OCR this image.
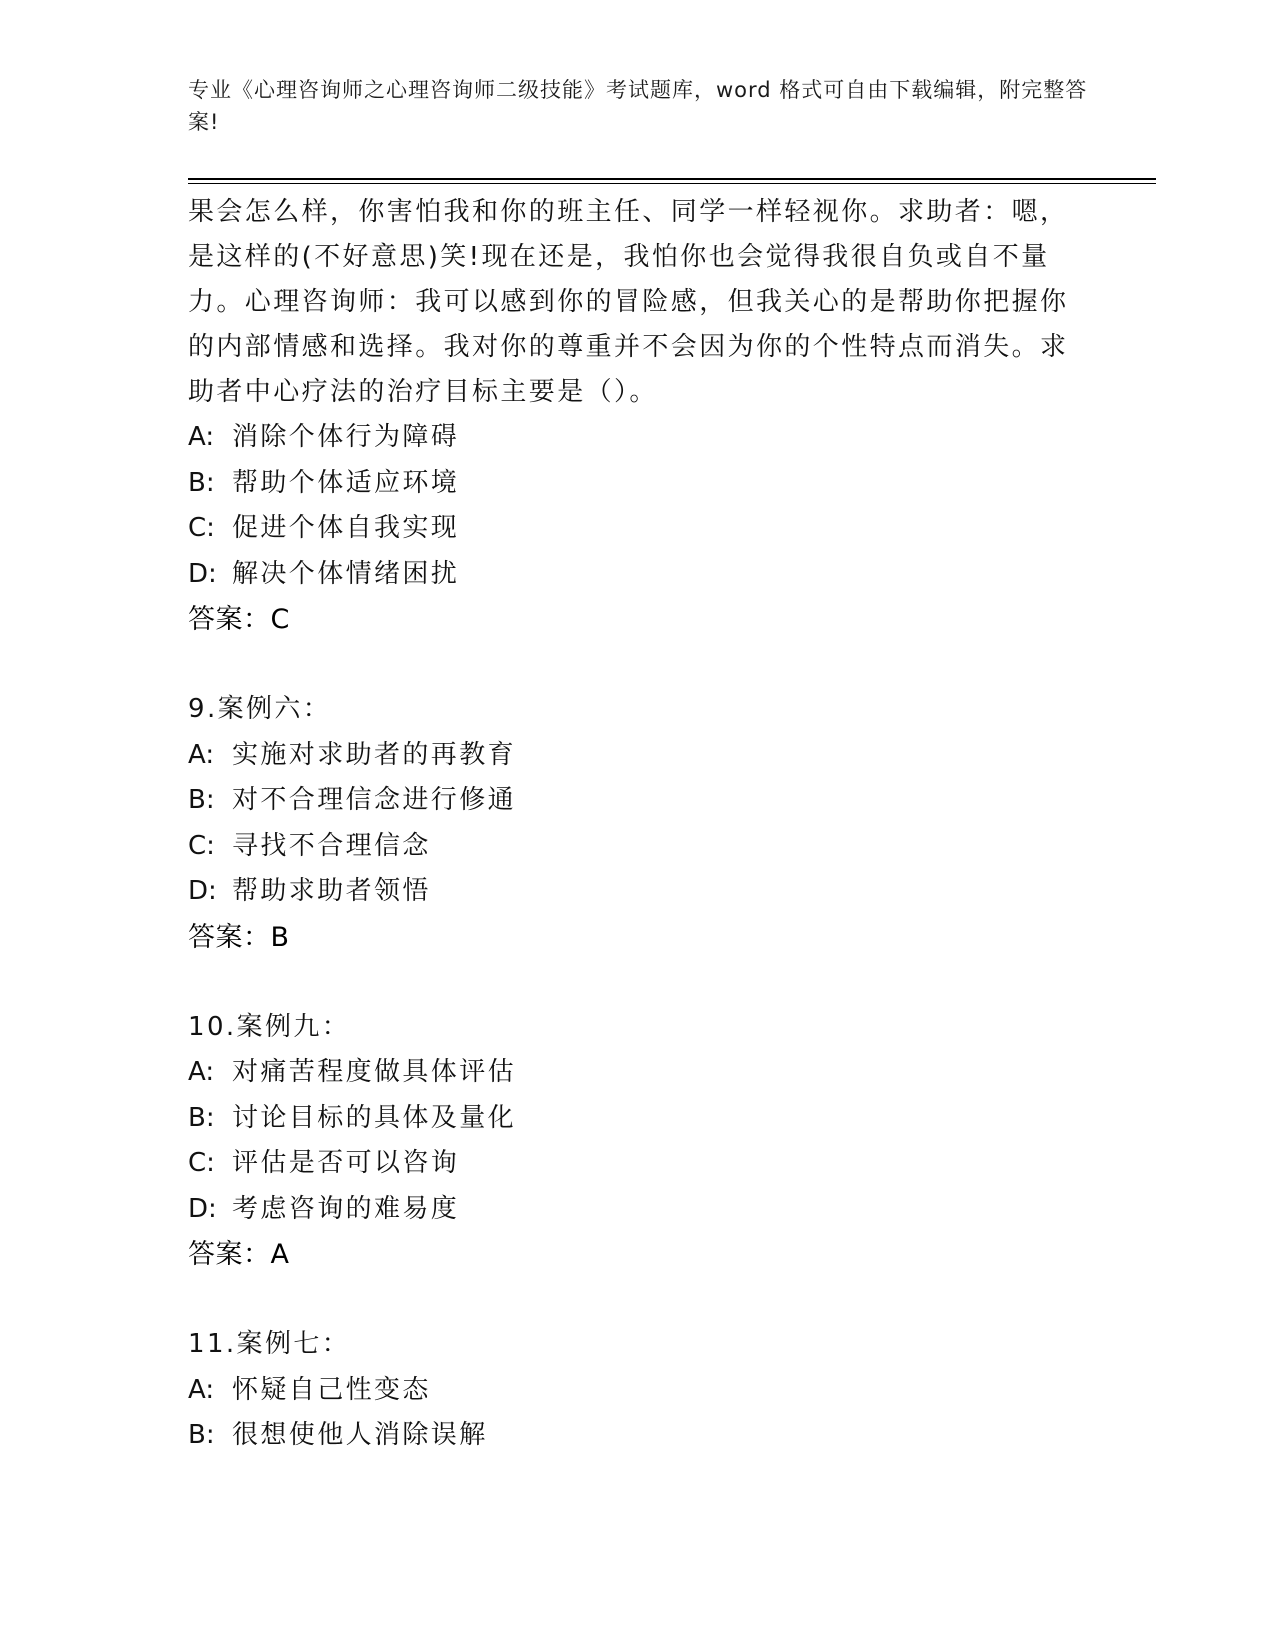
专业《心理咨询师之心理咨询师二级技能》考试题库，word 格式可自由下载编辑，附完整答案!

果会怎么样，你害怕我和你的班主任、同学一样轻视你。求助者：嗯，是这样的(不好意思)笑!现在还是，我怕你也会觉得我很自负或自不量力。心理咨询师：我可以感到你的冒险感，但我关心的是帮助你把握你的内部情感和选择。我对你的尊重并不会因为你的个性特点而消失。求助者中心疗法的治疗目标主要是（）。

A: 消除个体行为障碍

B: 帮助个体适应环境

C: 促进个体自我实现

D: 解决个体情绪困扰

答案：C

9.案例六：

A: 实施对求助者的再教育

B: 对不合理信念进行修通

C: 寻找不合理信念

D: 帮助求助者领悟

答案：B

10.案例九：

A: 对痛苦程度做具体评估

B: 讨论目标的具体及量化

C: 评估是否可以咨询

D: 考虑咨询的难易度

答案：A

11.案例七：

A: 怀疑自己性变态

B: 很想使他人消除误解
